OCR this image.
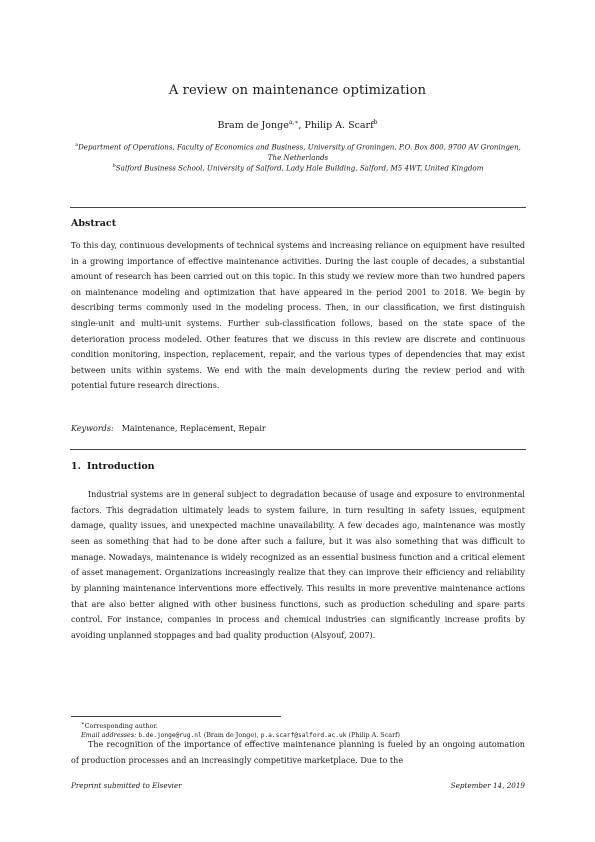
A review on maintenance optimization
Bram de Jonge$^{a,∗}$, Philip A. Scarf$^b$
$^a$Department of Operations, Faculty of Economics and Business, University of Groningen, P.O. Box 800, 9700 AV Groningen, The Netherlands
$^b$Salford Business School, University of Salford, Lady Hale Building, Salford, M5 4WT, United Kingdom
Abstract
To this day, continuous developments of technical systems and increasing reliance on equipment have resulted in a growing importance of effective maintenance activities. During the last couple of decades, a substantial amount of research has been carried out on this topic. In this study we review more than two hundred papers on maintenance modeling and optimization that have appeared in the period 2001 to 2018. We begin by describing terms commonly used in the modeling process. Then, in our classification, we first distinguish single-unit and multi-unit systems. Further sub-classification follows, based on the state space of the deterioration process modeled. Other features that we discuss in this review are discrete and continuous condition monitoring, inspection, replacement, repair, and the various types of dependencies that may exist between units within systems. We end with the main developments during the review period and with potential future research directions.
Keywords: Maintenance, Replacement, Repair
1. Introduction
Industrial systems are in general subject to degradation because of usage and exposure to environmental factors. This degradation ultimately leads to system failure, in turn resulting in safety issues, equipment damage, quality issues, and unexpected machine unavailability. A few decades ago, maintenance was mostly seen as something that had to be done after such a failure, but it was also something that was difficult to manage. Nowadays, maintenance is widely recognized as an essential business function and a critical element of asset management. Organizations increasingly realize that they can improve their efficiency and reliability by planning maintenance interventions more effectively. This results in more preventive maintenance actions that are also better aligned with other business functions, such as production scheduling and spare parts control. For instance, companies in process and chemical industries can significantly increase profits by avoiding unplanned stoppages and bad quality production (Alsyouf, 2007).
∗Corresponding author.
Email addresses: b.de.jonge@rug.nl (Bram de Jonge), p.a.scarf@salford.ac.uk (Philip A. Scarf)
The recognition of the importance of effective maintenance planning is fueled by an ongoing automation of production processes and an increasingly competitive marketplace. Due to the
Preprint submitted to Elsevier	September 14, 2019
